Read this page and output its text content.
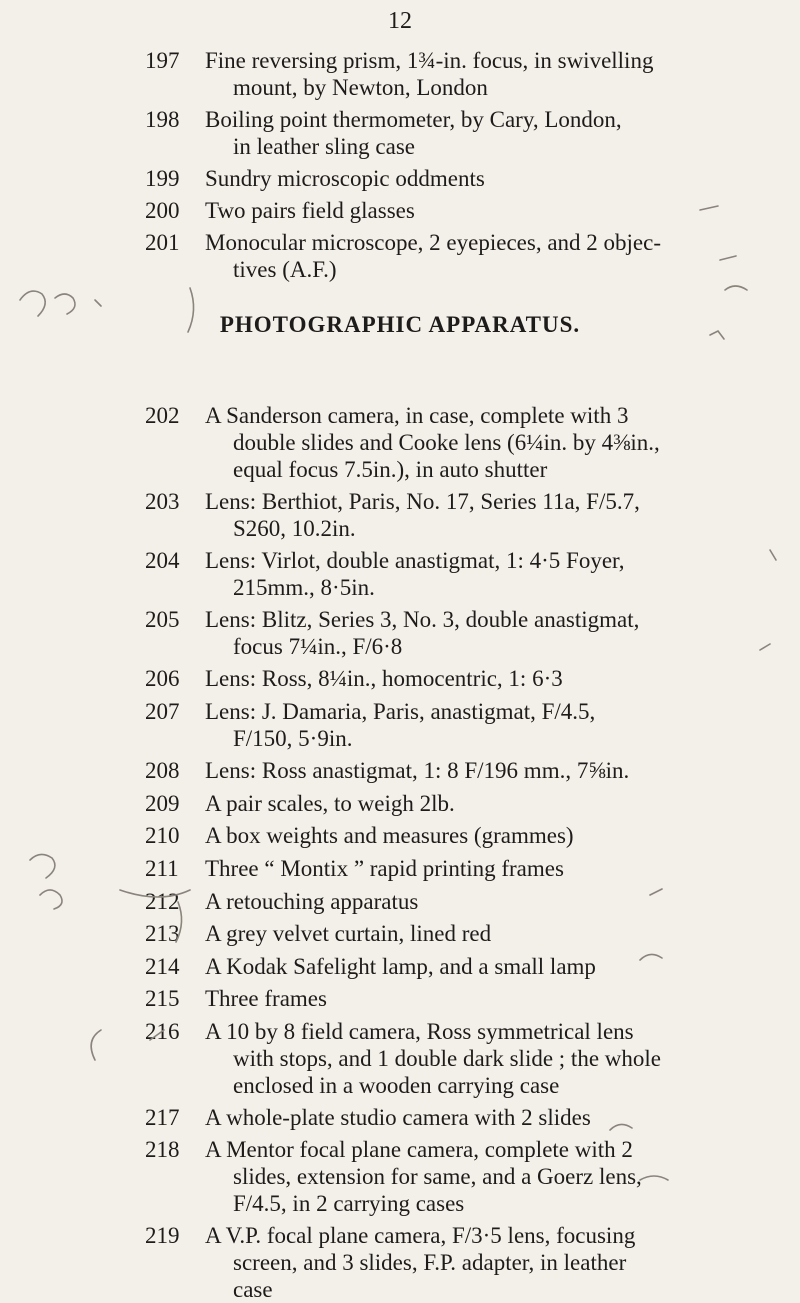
12
197	Fine reversing prism, 1¾-in. focus, in swivelling
mount, by Newton, London
198	Boiling point thermometer, by Cary, London,
in leather sling case
199	Sundry microscopic oddments
200	Two pairs field glasses
201	Monocular microscope, 2 eyepieces, and 2 objec-
tives (A.F.)
PHOTOGRAPHIC APPARATUS.
202	A Sanderson camera, in case, complete with 3
double slides and Cooke lens (6¼in. by 4⅜in.,
equal focus 7.5in.), in auto shutter
203	Lens: Berthiot, Paris, No. 17, Series 11a, F/5.7,
S260, 10.2in.
204	Lens: Virlot, double anastigmat, 1: 4·5 Foyer,
215mm., 8·5in.
205	Lens: Blitz, Series 3, No. 3, double anastigmat,
focus 7¼in., F/6·8
206	Lens: Ross, 8¼in., homocentric, 1: 6·3
207	Lens: J. Damaria, Paris, anastigmat, F/4.5,
F/150, 5·9in.
208	Lens: Ross anastigmat, 1: 8 F/196 mm., 7⅝in.
209	A pair scales, to weigh 2lb.
210	A box weights and measures (grammes)
211	Three “ Montix ” rapid printing frames
212	A retouching apparatus
213	A grey velvet curtain, lined red
214	A Kodak Safelight lamp, and a small lamp
215	Three frames
216	A 10 by 8 field camera, Ross symmetrical lens
with stops, and 1 double dark slide ; the whole
enclosed in a wooden carrying case
217	A whole-plate studio camera with 2 slides
218	A Mentor focal plane camera, complete with 2
slides, extension for same, and a Goerz lens,
F/4.5, in 2 carrying cases
219	A V.P. focal plane camera, F/3·5 lens, focusing
screen, and 3 slides, F.P. adapter, in leather
case
